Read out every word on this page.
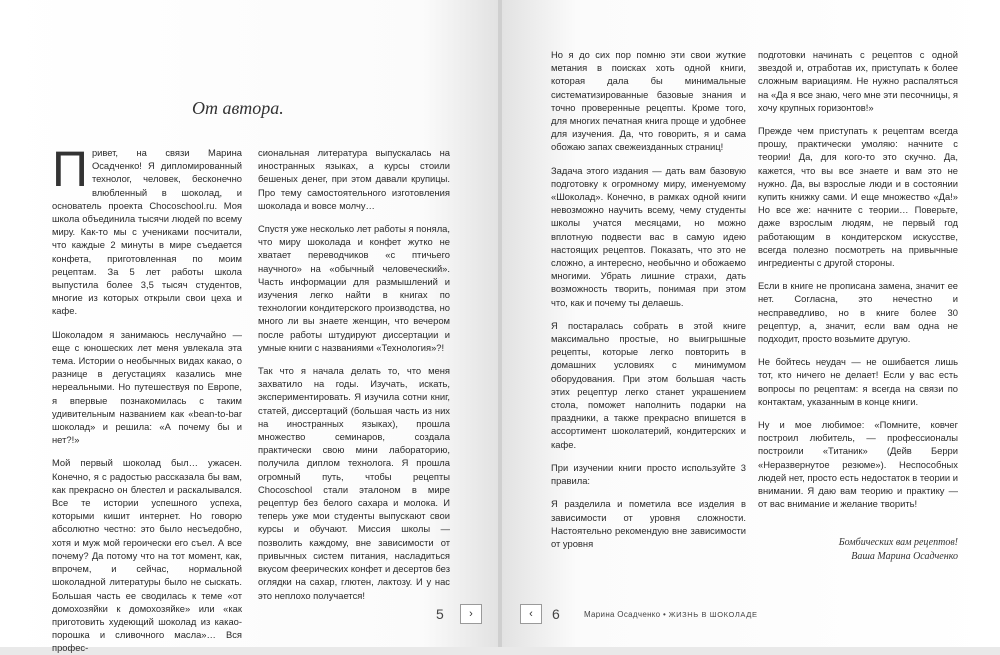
От автора.

Привет, на связи Марина Осадченко! Я дипломированный технолог, человек, бесконечно влюбленный в шоколад, и основатель проекта Chocoschool.ru. Моя школа объединила тысячи людей по всему миру. Как-то мы с учениками посчитали, что каждые 2 минуты в мире съедается конфета, приготовленная по моим рецептам. За 5 лет работы школа выпустила более 3,5 тысяч студентов, многие из которых открыли свои цеха и кафе.

Шоколадом я занимаюсь неслучайно — еще с юношеских лет меня увлекала эта тема. Истории о необычных видах какао, о разнице в дегустациях казались мне нереальными. Но путешествуя по Европе, я впервые познакомилась с таким удивительным названием как «bean-to-bar шоколад» и решила: «А почему бы и нет?!»

Мой первый шоколад был… ужасен. Конечно, я с радостью рассказала бы вам, как прекрасно он блестел и раскалывался. Все те истории успешного успеха, которыми кишит интернет. Но говорю абсолютно честно: это было несъедобно, хотя и муж мой героически его съел. А все почему? Да потому что на тот момент, как, впрочем, и сейчас, нормальной шоколадной литературы было не сыскать. Большая часть ее сводилась к теме «от домохозяйки к домохозяйке» или «как приготовить худеющий шоколад из какао-порошка и сливочного масла»… Вся профес-

сиональная литература выпускалась на иностранных языках, а курсы стоили бешеных денег, при этом давали крупицы. Про тему самостоятельного изготовления шоколада и вовсе молчу…

Спустя уже несколько лет работы я поняла, что миру шоколада и конфет жутко не хватает переводчиков «с птичьего научного» на «обычный человеческий». Часть информации для размышлений и изучения легко найти в книгах по технологии кондитерского производства, но много ли вы знаете женщин, что вечером после работы штудируют диссертации и умные книги с названиями «Технология»?!

Так что я начала делать то, что меня захватило на годы. Изучать, искать, экспериментировать. Я изучила сотни книг, статей, диссертаций (большая часть из них на иностранных языках), прошла множество семинаров, создала практически свою мини лабораторию, получила диплом технолога. Я прошла огромный путь, чтобы рецепты Chocoschool стали эталоном в мире рецептур без белого сахара и молока. И теперь уже мои студенты выпускают свои курсы и обучают. Миссия школы — позволить каждому, вне зависимости от привычных систем питания, насладиться вкусом феерических конфет и десертов без оглядки на сахар, глютен, лактозу. И у нас это неплохо получается!

5	›

Но я до сих пор помню эти свои жуткие метания в поисках хоть одной книги, которая дала бы минимальные систематизированные базовые знания и точно проверенные рецепты. Кроме того, для многих печатная книга проще и удобнее для изучения. Да, что говорить, я и сама обожаю запах свежеизданных страниц!

Задача этого издания — дать вам базовую подготовку к огромному миру, именуемому «Шоколад». Конечно, в рамках одной книги невозможно научить всему, чему студенты школы учатся месяцами, но можно вплотную подвести вас в самую идею настоящих рецептов. Показать, что это не сложно, а интересно, необычно и обожаемо многими. Убрать лишние страхи, дать возможность творить, понимая при этом что, как и почему ты делаешь.

Я постаралась собрать в этой книге максимально простые, но выигрышные рецепты, которые легко повторить в домашних условиях с минимумом оборудования. При этом большая часть этих рецептур легко станет украшением стола, поможет наполнить подарки на праздники, а также прекрасно впишется в ассортимент шоколатерий, кондитерских и кафе.

При изучении книги просто используйте 3 правила:

Я разделила и пометила все изделия в зависимости от уровня сложности. Настоятельно рекомендую вне зависимости от уровня

подготовки начинать с рецептов с одной звездой и, отработав их, приступать к более сложным вариациям. Не нужно распаляться на «Да я все знаю, чего мне эти песочницы, я хочу крупных горизонтов!»

Прежде чем приступать к рецептам всегда прошу, практически умоляю: начните с теории! Да, для кого-то это скучно. Да, кажется, что вы все знаете и вам это не нужно. Да, вы взрослые люди и в состоянии купить книжку сами. И еще множество «Да!» Но все же: начните с теории… Поверьте, даже взрослым людям, не первый год работающим в кондитерском искусстве, всегда полезно посмотреть на привычные ингредиенты с другой стороны.

Если в книге не прописана замена, значит ее нет. Согласна, это нечестно и несправедливо, но в книге более 30 рецептур, а, значит, если вам одна не подходит, просто возьмите другую.

Не бойтесь неудач — не ошибается лишь тот, кто ничего не делает! Если у вас есть вопросы по рецептам: я всегда на связи по контактам, указанным в конце книги.

Ну и мое любимое: «Помните, ковчег построил любитель, — профессионалы построили «Титаник» (Дейв Берри «Неразвернутое резюме»). Неспособных людей нет, просто есть недостаток в теории и внимании. Я даю вам теорию и практику — от вас внимание и желание творить!

Бомбических вам рецептов!
Ваша Марина Осадченко
‹	6	Марина Осадченко • ЖИЗНЬ В ШОКОЛАДЕ
